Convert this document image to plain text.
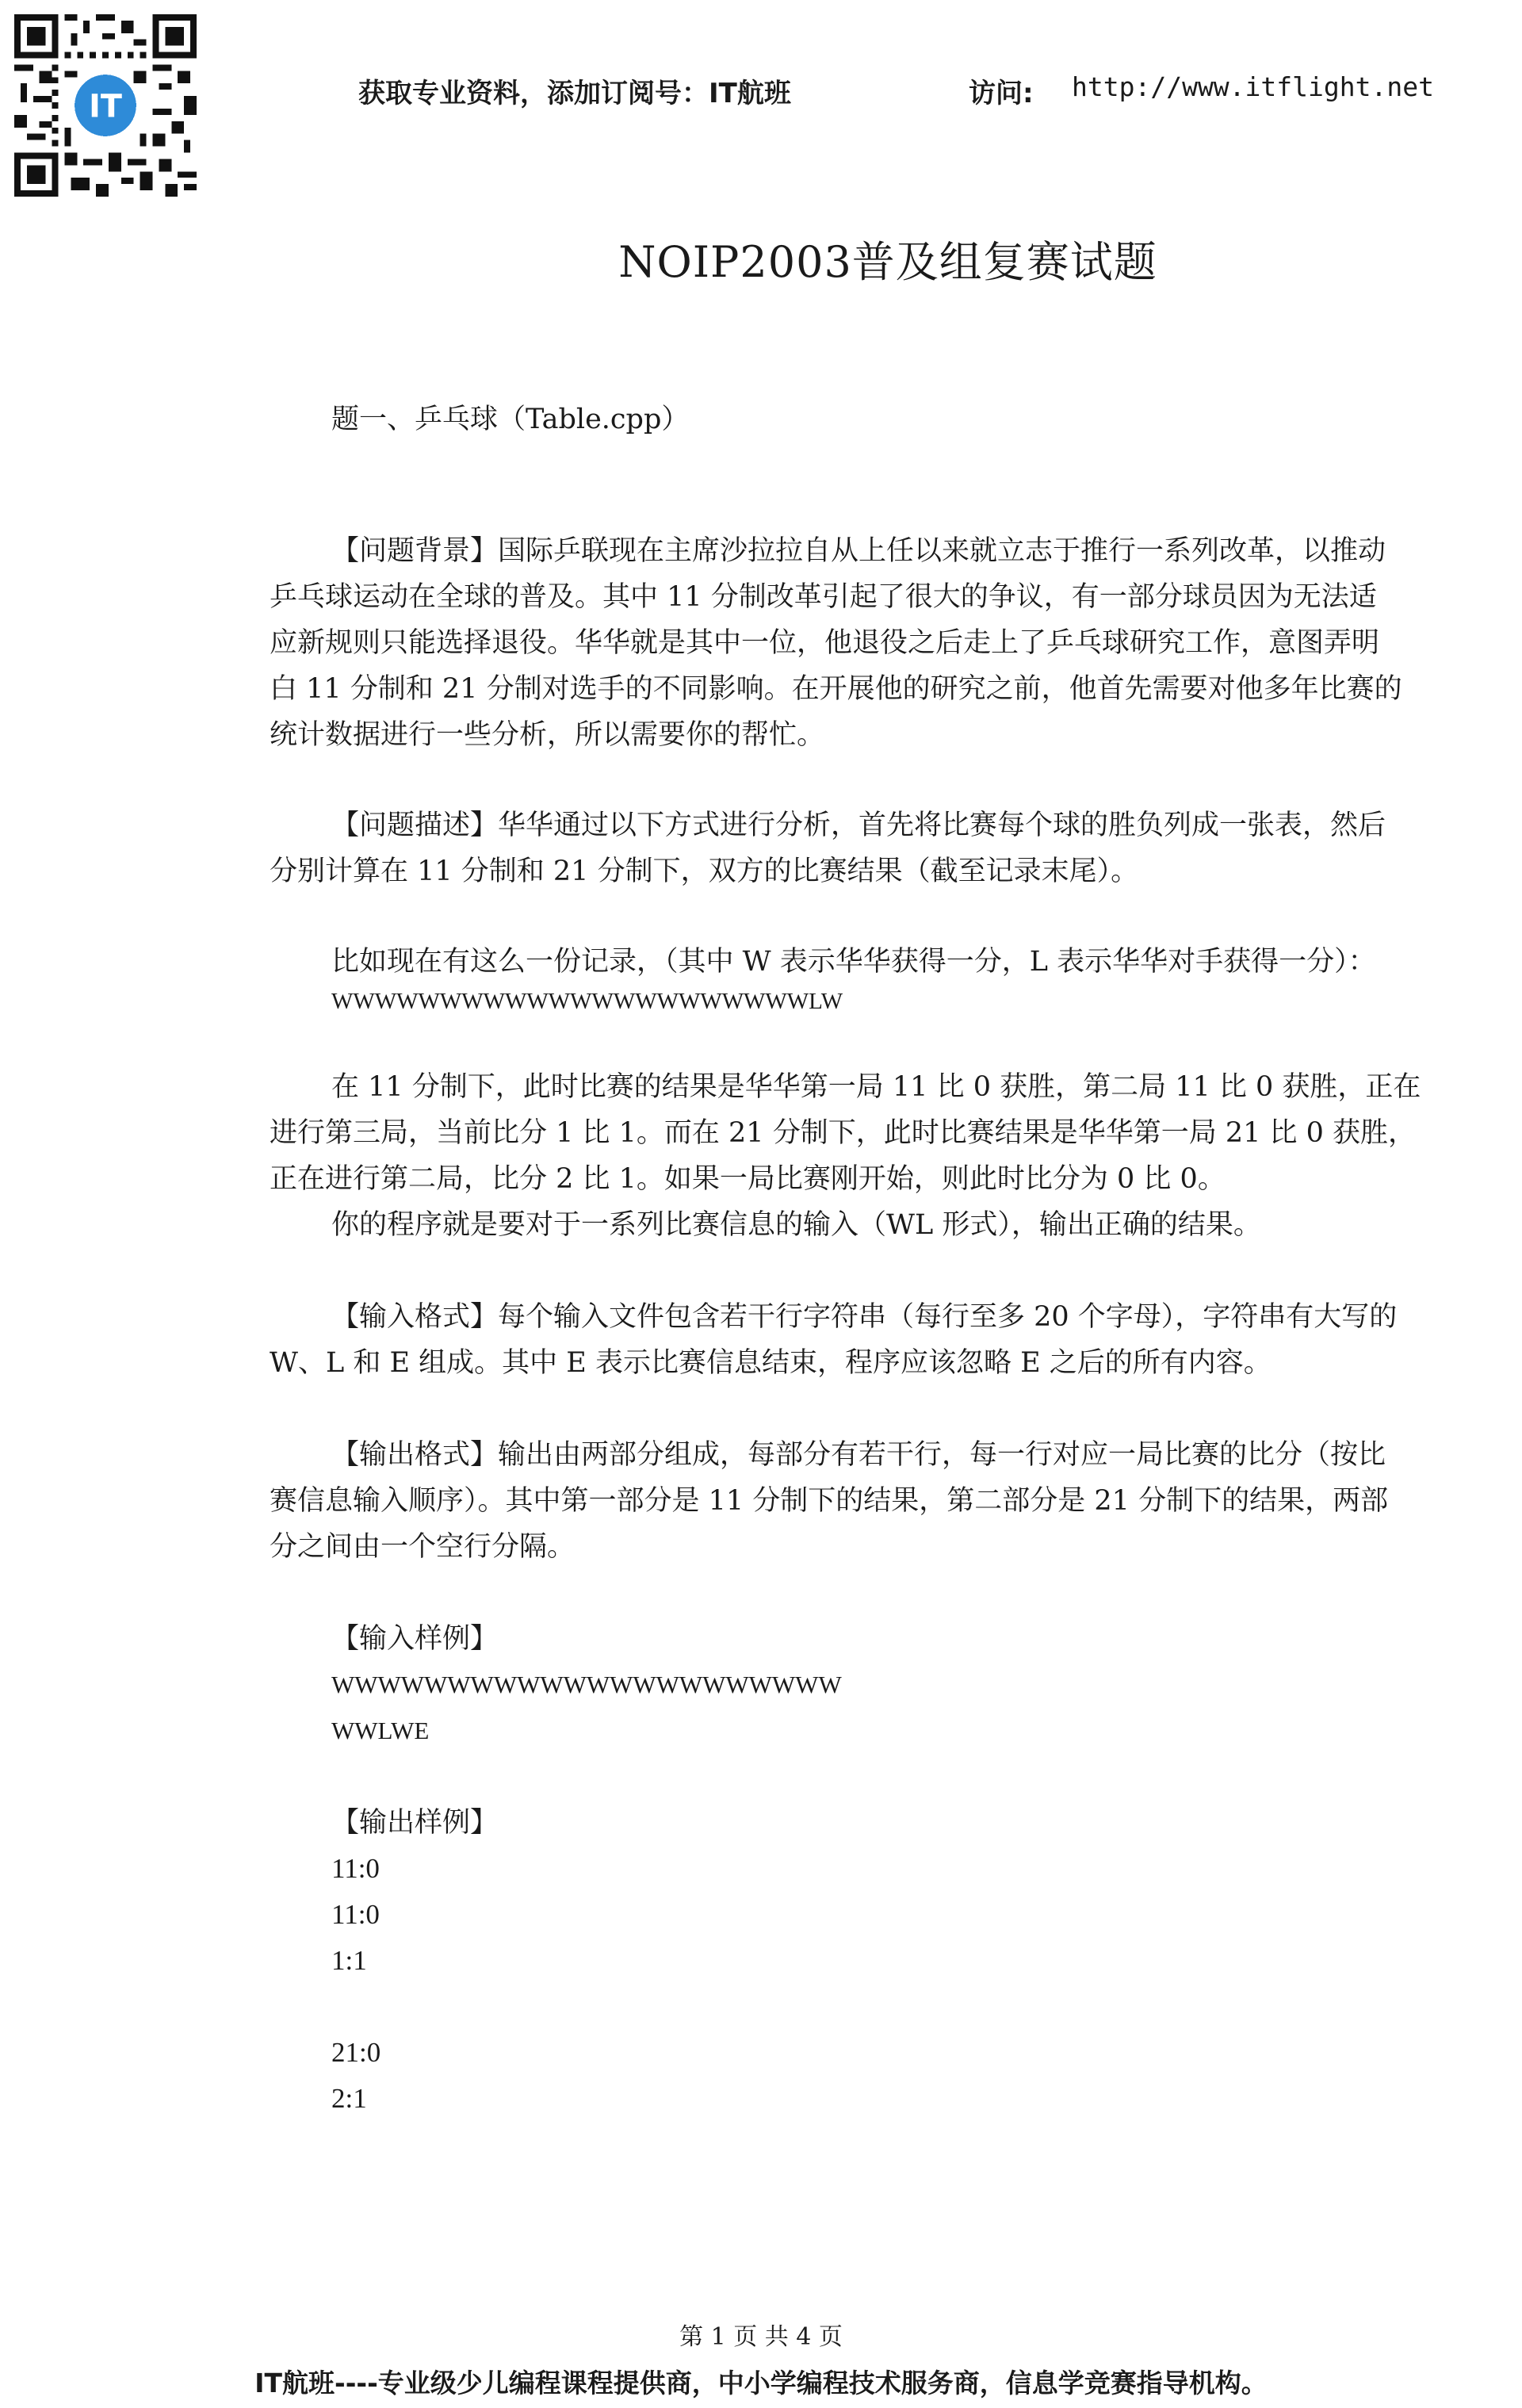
IT	获取专业资料，添加订阅号：IT航班	访问: http://www.itflight.net
NOIP2003普及组复赛试题
题一、乒乓球（Table.cpp）
【问题背景】国际乒联现在主席沙拉拉自从上任以来就立志于推行一系列改革，以推动
乒乓球运动在全球的普及。其中 11 分制改革引起了很大的争议，有一部分球员因为无法适
应新规则只能选择退役。华华就是其中一位，他退役之后走上了乒乓球研究工作，意图弄明
白 11 分制和 21 分制对选手的不同影响。在开展他的研究之前，他首先需要对他多年比赛的
统计数据进行一些分析，所以需要你的帮忙。
【问题描述】华华通过以下方式进行分析，首先将比赛每个球的胜负列成一张表，然后
分别计算在 11 分制和 21 分制下，双方的比赛结果（截至记录末尾）。
比如现在有这么一份记录，（其中 W 表示华华获得一分，L 表示华华对手获得一分）：
WWWWWWWWWWWWWWWWWWWWWWLW
在 11 分制下，此时比赛的结果是华华第一局 11 比 0 获胜，第二局 11 比 0 获胜，正在
进行第三局，当前比分 1 比 1。而在 21 分制下，此时比赛结果是华华第一局 21 比 0 获胜，
正在进行第二局，比分 2 比 1。如果一局比赛刚开始，则此时比分为 0 比 0。
你的程序就是要对于一系列比赛信息的输入（WL 形式），输出正确的结果。
【输入格式】每个输入文件包含若干行字符串（每行至多 20 个字母），字符串有大写的
W、L 和 E 组成。其中 E 表示比赛信息结束，程序应该忽略 E 之后的所有内容。
【输出格式】输出由两部分组成，每部分有若干行，每一行对应一局比赛的比分（按比
赛信息输入顺序）。其中第一部分是 11 分制下的结果，第二部分是 21 分制下的结果，两部
分之间由一个空行分隔。
【输入样例】
WWWWWWWWWWWWWWWWWWWWWW
WWLWE
【输出样例】
11:0
11:0
1:1
21:0
2:1
第 1 页 共 4 页
IT航班----专业级少儿编程课程提供商，中小学编程技术服务商，信息学竞赛指导机构。
